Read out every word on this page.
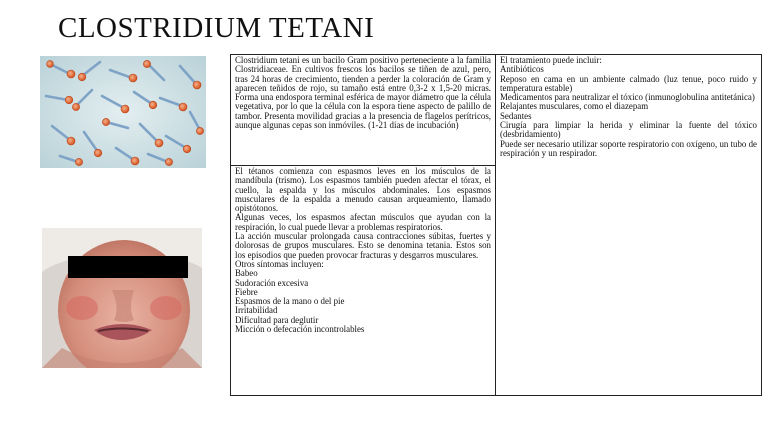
CLOSTRIDIUM TETANI

Clostridium tetani es un bacilo Gram positivo perteneciente a la familia Clostridiaceae. En cultivos frescos los bacilos se tiñen de azul, pero, tras 24 horas de crecimiento, tienden a perder la coloración de Gram y aparecen teñidos de rojo, su tamaño está entre 0,3-2 x 1,5-20 micras. Forma una endospora terminal esférica de mayor diámetro que la célula vegetativa, por lo que la célula con la espora tiene aspecto de palillo de tambor. Presenta movilidad gracias a la presencia de flagelos perítricos, aunque algunas cepas son inmóviles. (1-21 días de incubación)

El tratamiento puede incluir:

Antibióticos

Reposo en cama en un ambiente calmado (luz tenue, poco ruido y temperatura estable)

Medicamentos para neutralizar el tóxico (inmunoglobulina antitetánica)

Relajantes musculares, como el diazepam

Sedantes

Cirugía para limpiar la herida y eliminar la fuente del tóxico (desbridamiento)

Puede ser necesario utilizar soporte respiratorio con oxígeno, un tubo de respiración y un respirador.

El tétanos comienza con espasmos leves en los músculos de la mandíbula (trismo). Los espasmos también pueden afectar el tórax, el cuello, la espalda y los músculos abdominales. Los espasmos musculares de la espalda a menudo causan arqueamiento, llamado opistótonos.

Algunas veces, los espasmos afectan músculos que ayudan con la respiración, lo cual puede llevar a problemas respiratorios.

La acción muscular prolongada causa contracciones súbitas, fuertes y dolorosas de grupos musculares. Esto se denomina tetania. Estos son los episodios que pueden provocar fracturas y desgarros musculares.

Otros síntomas incluyen:

Babeo

Sudoración excesiva

Fiebre

Espasmos de la mano o del pie

Irritabilidad

Dificultad para deglutir

Micción o defecación incontrolables
